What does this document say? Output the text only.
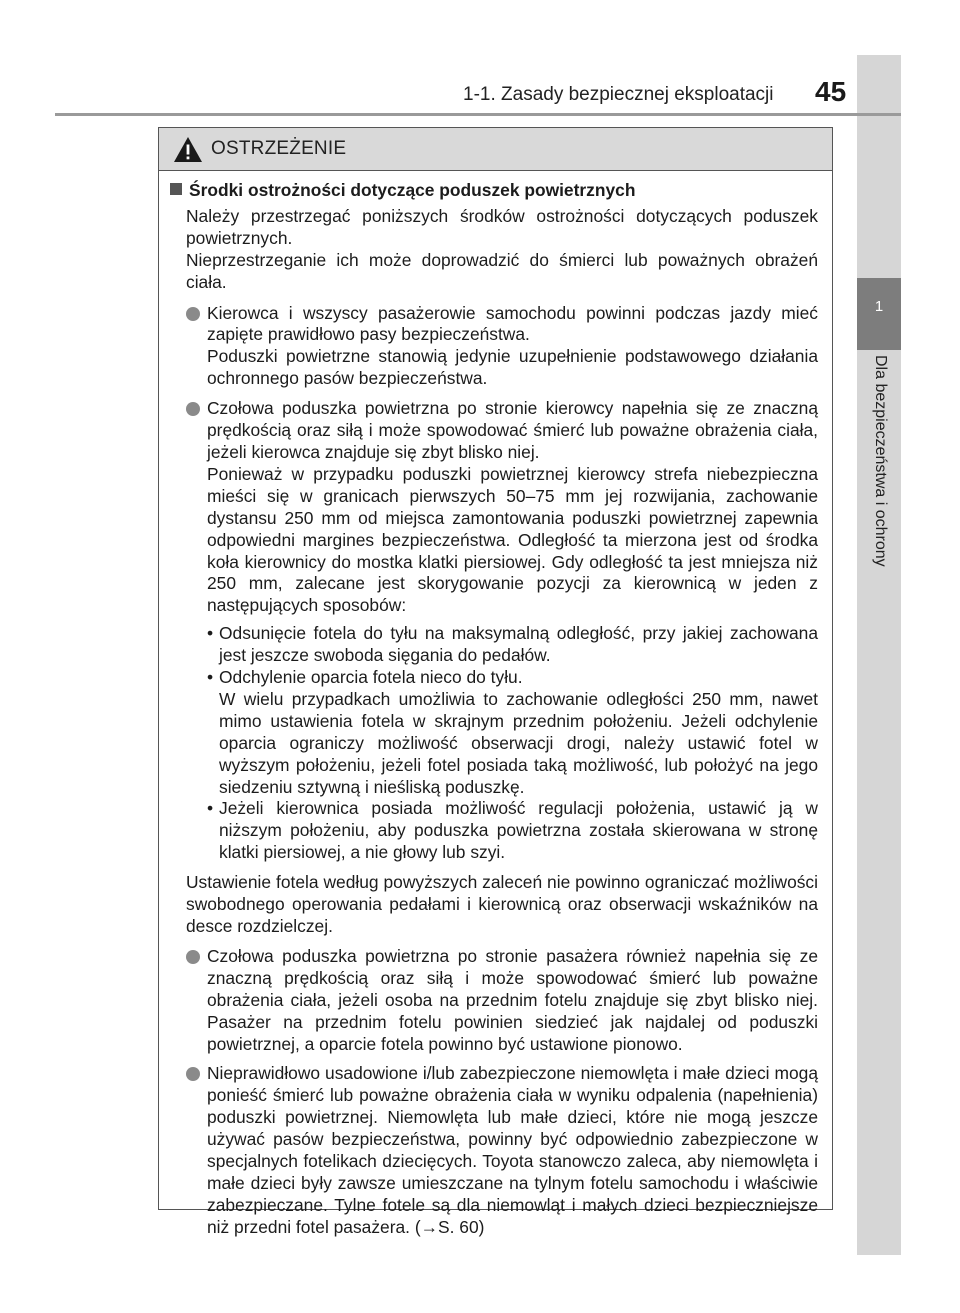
1
Dla bezpieczeństwa i ochrony
1-1. Zasady bezpiecznej eksploatacji 45
OSTRZEŻENIE
Środki ostrożności dotyczące poduszek powietrznych

Należy przestrzegać poniższych środków ostrożności dotyczących poduszek powietrznych.

Nieprzestrzeganie ich może doprowadzić do śmierci lub poważnych obrażeń ciała.

Kierowca i wszyscy pasażerowie samochodu powinni podczas jazdy mieć zapięte prawidłowo pasy bezpieczeństwa.

Poduszki powietrzne stanowią jedynie uzupełnienie podstawowego działania ochronnego pasów bezpieczeństwa.

Czołowa poduszka powietrzna po stronie kierowcy napełnia się ze znaczną prędkością oraz siłą i może spowodować śmierć lub poważne obrażenia ciała, jeżeli kierowca znajduje się zbyt blisko niej.

Ponieważ w przypadku poduszki powietrznej kierowcy strefa niebezpieczna mieści się w granicach pierwszych 50–75 mm jej rozwijania, zachowanie dystansu 250 mm od miejsca zamontowania poduszki powietrznej zapewnia odpowiedni margines bezpieczeństwa. Odległość ta mierzona jest od środka koła kierownicy do mostka klatki piersiowej. Gdy odległość ta jest mniejsza niż 250 mm, zalecane jest skorygowanie pozycji za kierownicą w jeden z następujących sposobów:

• Odsunięcie fotela do tyłu na maksymalną odległość, przy jakiej zachowana jest jeszcze swoboda sięgania do pedałów.

• Odchylenie oparcia fotela nieco do tyłu.

W wielu przypadkach umożliwia to zachowanie odległości 250 mm, nawet mimo ustawienia fotela w skrajnym przednim położeniu. Jeżeli odchylenie oparcia ograniczy możliwość obserwacji drogi, należy ustawić fotel w wyższym położeniu, jeżeli fotel posiada taką możliwość, lub położyć na jego siedzeniu sztywną i nieśliską poduszkę.

• Jeżeli kierownica posiada możliwość regulacji położenia, ustawić ją w niższym położeniu, aby poduszka powietrzna została skierowana w stronę klatki piersiowej, a nie głowy lub szyi.

Ustawienie fotela według powyższych zaleceń nie powinno ograniczać możliwości swobodnego operowania pedałami i kierownicą oraz obserwacji wskaźników na desce rozdzielczej.

Czołowa poduszka powietrzna po stronie pasażera również napełnia się ze znaczną prędkością oraz siłą i może spowodować śmierć lub poważne obrażenia ciała, jeżeli osoba na przednim fotelu znajduje się zbyt blisko niej. Pasażer na przednim fotelu powinien siedzieć jak najdalej od poduszki powietrznej, a oparcie fotela powinno być ustawione pionowo.

Nieprawidłowo usadowione i/lub zabezpieczone niemowlęta i małe dzieci mogą ponieść śmierć lub poważne obrażenia ciała w wyniku odpalenia (napełnienia) poduszki powietrznej. Niemowlęta lub małe dzieci, które nie mogą jeszcze używać pasów bezpieczeństwa, powinny być odpowiednio zabezpieczone w specjalnych fotelikach dziecięcych. Toyota stanowczo zaleca, aby niemowlęta i małe dzieci były zawsze umieszczane na tylnym fotelu samochodu i właściwie zabezpieczane. Tylne fotele są dla niemowląt i małych dzieci bezpieczniejsze niż przedni fotel pasażera. (→S. 60)
